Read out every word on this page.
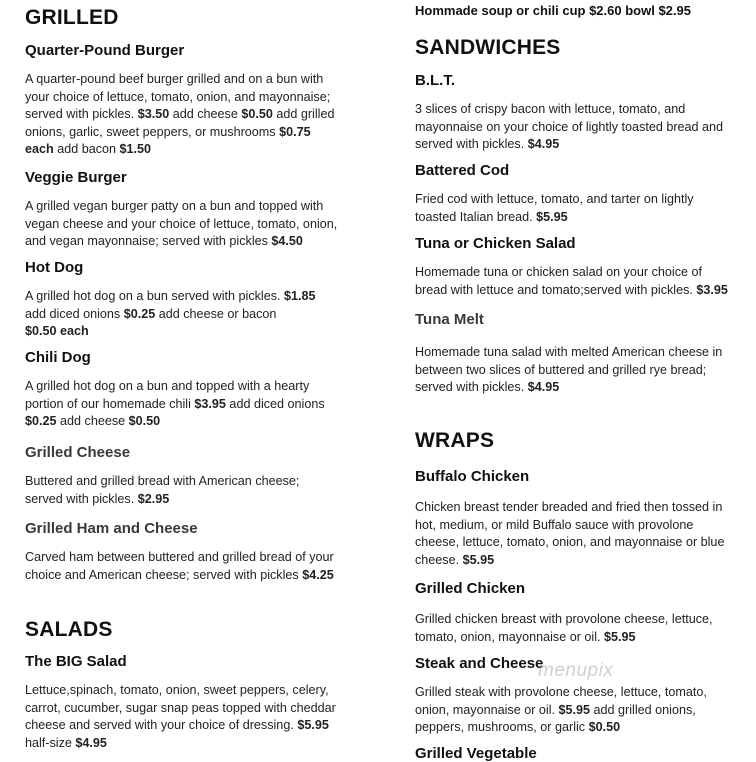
GRILLED
Quarter-Pound Burger
A quarter-pound beef burger grilled and on a bun with
your choice of lettuce, tomato, onion, and mayonnaise;
served with pickles. $3.50 add cheese $0.50 add grilled
onions, garlic, sweet peppers, or mushrooms $0.75
each add bacon $1.50
Veggie Burger
A grilled vegan burger patty on a bun and topped with
vegan cheese and your choice of lettuce, tomato, onion,
and vegan mayonnaise; served with pickles $4.50
Hot Dog
A grilled hot dog on a bun served with pickles. $1.85
add diced onions $0.25 add cheese or bacon
$0.50 each
Chili Dog
A grilled hot dog on a bun and topped with a hearty
portion of our homemade chili $3.95 add diced onions
$0.25 add cheese $0.50
Grilled Cheese
Buttered and grilled bread with American cheese;
served with pickles. $2.95
Grilled Ham and Cheese
Carved ham between buttered and grilled bread of your
choice and American cheese; served with pickles $4.25
SALADS
The BIG Salad
Lettuce,spinach, tomato, onion, sweet peppers, celery,
carrot, cucumber, sugar snap peas topped with cheddar
cheese and served with your choice of dressing. $5.95
half-size $4.95
Hommade soup or chili cup $2.60 bowl $2.95
SANDWICHES
B.L.T.
3 slices of crispy bacon with lettuce, tomato, and
mayonnaise on your choice of lightly toasted bread and
served with pickles. $4.95
Battered Cod
Fried cod with lettuce, tomato, and tarter on lightly
toasted Italian bread. $5.95
Tuna or Chicken Salad
Homemade tuna or chicken salad on your choice of
bread with lettuce and tomato;served with pickles. $3.95
Tuna Melt
Homemade tuna salad with melted American cheese in
between two slices of buttered and grilled rye bread;
served with pickles. $4.95
WRAPS
Buffalo Chicken
Chicken breast tender breaded and fried then tossed in
hot, medium, or mild Buffalo sauce with provolone
cheese, lettuce, tomato, onion, and mayonnaise or blue
cheese. $5.95
Grilled Chicken
Grilled chicken breast with provolone cheese, lettuce,
tomato, onion, mayonnaise or oil. $5.95
Steak and Cheese
Grilled steak with provolone cheese, lettuce, tomato,
onion, mayonnaise or oil. $5.95 add grilled onions,
peppers, mushrooms, or garlic $0.50
Grilled Vegetable
menupix
